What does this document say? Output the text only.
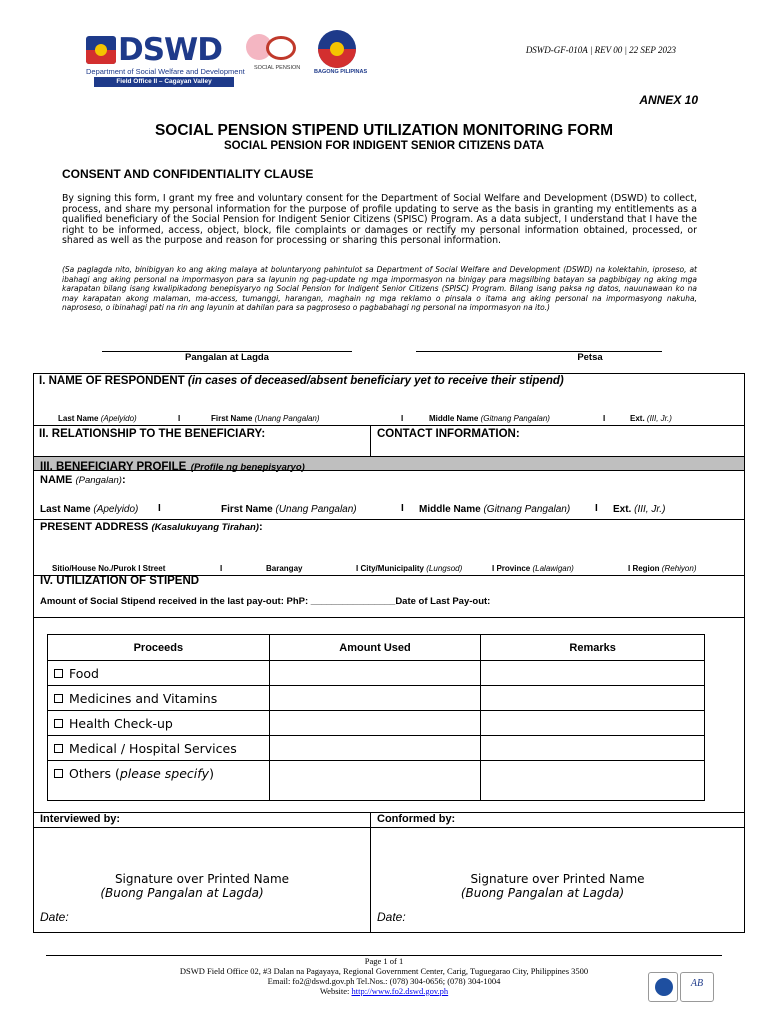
DSWD
Department of Social Welfare and Development
Field Office II – Cagayan Valley
SOCIAL PENSION
BAGONG PILIPINAS
DSWD-GF-010A | REV 00 | 22 SEP 2023
ANNEX 10
SOCIAL PENSION STIPEND UTILIZATION MONITORING FORM
SOCIAL PENSION FOR INDIGENT SENIOR CITIZENS DATA
CONSENT AND CONFIDENTIALITY CLAUSE
By signing this form, I grant my free and voluntary consent for the Department of Social Welfare and Development (DSWD) to collect, process, and share my personal information for the purpose of profile updating to serve as the basis in granting my entitlements as a qualified beneficiary of the Social Pension for Indigent Senior Citizens (SPISC) Program. As a data subject, I understand that I have the right to be informed, access, object, block, file complaints or damages or rectify my personal information obtained, processed, or shared as well as the purpose and reason for processing or sharing this personal information.
(Sa paglagda nito, binibigyan ko ang aking malaya at boluntaryong pahintulot sa Department of Social Welfare and Development (DSWD) na kolektahin, iproseso, at ibahagi ang aking personal na impormasyon para sa layunin ng pag-update ng mga impormasyon na binigay para magsilbing batayan sa pagbibigay ng aking mga karapatan bilang isang kwalipikadong benepisyaryo ng Social Pension for Indigent Senior Citizens (SPISC) Program. Bilang isang paksa ng datos, nauunawaan ko na may karapatan akong malaman, ma-access, tumanggi, harangan, maghain ng mga reklamo o pinsala o itama ang aking personal na impormasyong nakuha, naproseso, o ibinahagi pati na rin ang layunin at dahilan para sa pagproseso o pagbabahagi ng personal na impormasyon na ito.)
Pangalan at Lagda	Petsa
I. NAME OF RESPONDENT (in cases of deceased/absent beneficiary yet to receive their stipend)
Last Name (Apelyido)	I	First Name (Unang Pangalan)	I	Middle Name (Gitnang Pangalan)	I	Ext. (III, Jr.)
II. RELATIONSHIP TO THE BENEFICIARY:	CONTACT INFORMATION:
III. BENEFICIARY PROFILE (Profile ng benepisyaryo)
NAME (Pangalan):
Last Name (Apelyido) I	First Name (Unang Pangalan)	I Middle Name (Gitnang Pangalan) I Ext. (III, Jr.)
PRESENT ADDRESS (Kasalukuyang Tirahan):
Sitio/House No./Purok I Street	I	Barangay	I City/Municipality (Lungsod)	I Province (Lalawigan)	I Region (Rehiyon)
IV. UTILIZATION OF STIPEND
Amount of Social Stipend received in the last pay-out: PhP: ________________Date of Last Pay-out:
Proceeds	Amount Used	Remarks
Food		
Medicines and Vitamins		
Health Check-up		
Medical / Hospital Services		
Others (please specify)		
Interviewed by:	Conformed by:
Signature over Printed Name
(Buong Pangalan at Lagda)
Signature over Printed Name
(Buong Pangalan at Lagda)
Date:	Date:
Page 1 of 1
DSWD Field Office 02, #3 Dalan na Pagayaya, Regional Government Center, Carig, Tuguegarao City, Philippines 3500
Email: fo2@dswd.gov.ph Tel.Nos.: (078) 304-0656; (078) 304-1004
Website: http://www.fo2.dswd.gov.ph
AB
